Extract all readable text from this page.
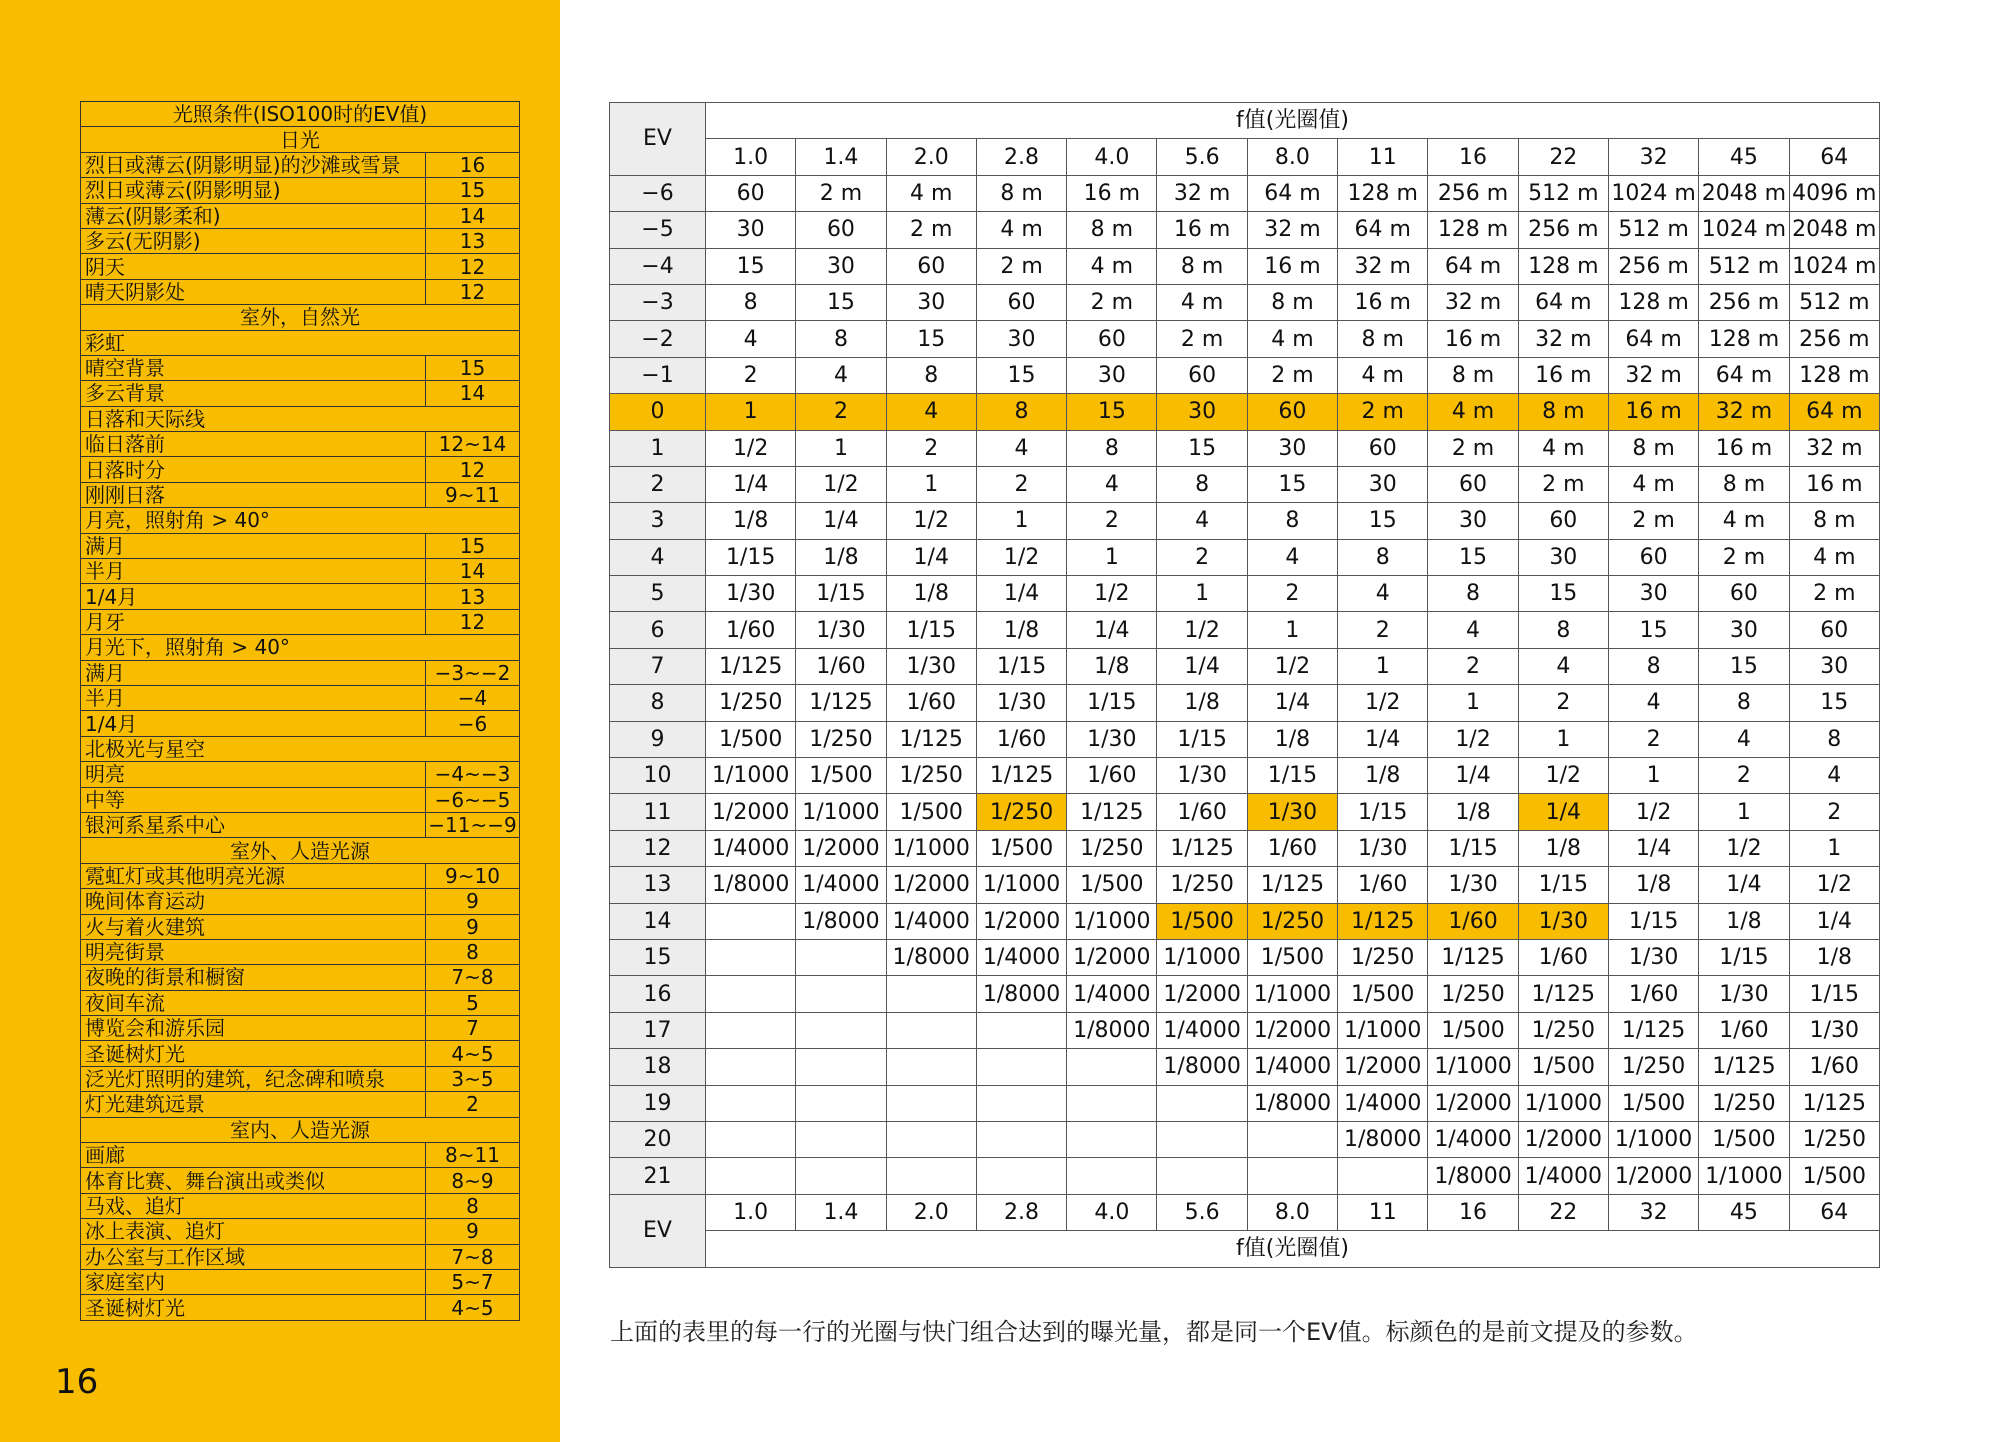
光照条件(ISO100时的EV值)	
日光	
烈日或薄云(阴影明显)的沙滩或雪景	16
烈日或薄云(阴影明显)	15
薄云(阴影柔和)	14
多云(无阴影)	13
阴天	12
晴天阴影处	12
室外，自然光	
彩虹	
晴空背景	15
多云背景	14
日落和天际线	
临日落前	12~14
日落时分	12
刚刚日落	9~11
月亮，照射角 > 40°	
满月	15
半月	14
1/4月	13
月牙	12
月光下，照射角 > 40°	
满月	−3~−2
半月	−4
1/4月	−6
北极光与星空	
明亮	−4~−3
中等	−6~−5
银河系星系中心	−11~−9
室外、人造光源	
霓虹灯或其他明亮光源	9~10
晚间体育运动	9
火与着火建筑	9
明亮街景	8
夜晚的街景和橱窗	7~8
夜间车流	5
博览会和游乐园	7
圣诞树灯光	4~5
泛光灯照明的建筑，纪念碑和喷泉	3~5
灯光建筑远景	2
室内、人造光源	
画廊	8~11
体育比赛、舞台演出或类似	8~9
马戏、追灯	8
冰上表演、追灯	9
办公室与工作区域	7~8
家庭室内	5~7
圣诞树灯光	4~5
16
EV	f值(光圈值)												
	1.0	1.4	2.0	2.8	4.0	5.6	8.0	11	16	22	32	45	64
−6	60	2 m	4 m	8 m	16 m	32 m	64 m	128 m	256 m	512 m	1024 m	2048 m	4096 m
−5	30	60	2 m	4 m	8 m	16 m	32 m	64 m	128 m	256 m	512 m	1024 m	2048 m
−4	15	30	60	2 m	4 m	8 m	16 m	32 m	64 m	128 m	256 m	512 m	1024 m
−3	8	15	30	60	2 m	4 m	8 m	16 m	32 m	64 m	128 m	256 m	512 m
−2	4	8	15	30	60	2 m	4 m	8 m	16 m	32 m	64 m	128 m	256 m
−1	2	4	8	15	30	60	2 m	4 m	8 m	16 m	32 m	64 m	128 m
0	1	2	4	8	15	30	60	2 m	4 m	8 m	16 m	32 m	64 m
1	1/2	1	2	4	8	15	30	60	2 m	4 m	8 m	16 m	32 m
2	1/4	1/2	1	2	4	8	15	30	60	2 m	4 m	8 m	16 m
3	1/8	1/4	1/2	1	2	4	8	15	30	60	2 m	4 m	8 m
4	1/15	1/8	1/4	1/2	1	2	4	8	15	30	60	2 m	4 m
5	1/30	1/15	1/8	1/4	1/2	1	2	4	8	15	30	60	2 m
6	1/60	1/30	1/15	1/8	1/4	1/2	1	2	4	8	15	30	60
7	1/125	1/60	1/30	1/15	1/8	1/4	1/2	1	2	4	8	15	30
8	1/250	1/125	1/60	1/30	1/15	1/8	1/4	1/2	1	2	4	8	15
9	1/500	1/250	1/125	1/60	1/30	1/15	1/8	1/4	1/2	1	2	4	8
10	1/1000	1/500	1/250	1/125	1/60	1/30	1/15	1/8	1/4	1/2	1	2	4
11	1/2000	1/1000	1/500	1/250	1/125	1/60	1/30	1/15	1/8	1/4	1/2	1	2
12	1/4000	1/2000	1/1000	1/500	1/250	1/125	1/60	1/30	1/15	1/8	1/4	1/2	1
13	1/8000	1/4000	1/2000	1/1000	1/500	1/250	1/125	1/60	1/30	1/15	1/8	1/4	1/2
14		1/8000	1/4000	1/2000	1/1000	1/500	1/250	1/125	1/60	1/30	1/15	1/8	1/4
15			1/8000	1/4000	1/2000	1/1000	1/500	1/250	1/125	1/60	1/30	1/15	1/8
16				1/8000	1/4000	1/2000	1/1000	1/500	1/250	1/125	1/60	1/30	1/15
17					1/8000	1/4000	1/2000	1/1000	1/500	1/250	1/125	1/60	1/30
18						1/8000	1/4000	1/2000	1/1000	1/500	1/250	1/125	1/60
19							1/8000	1/4000	1/2000	1/1000	1/500	1/250	1/125
20								1/8000	1/4000	1/2000	1/1000	1/500	1/250
21									1/8000	1/4000	1/2000	1/1000	1/500
EV	1.0	1.4	2.0	2.8	4.0	5.6	8.0	11	16	22	32	45	64
	f值(光圈值)												
上面的表里的每一行的光圈与快门组合达到的曝光量，都是同一个EV值。标颜色的是前文提及的参数。
